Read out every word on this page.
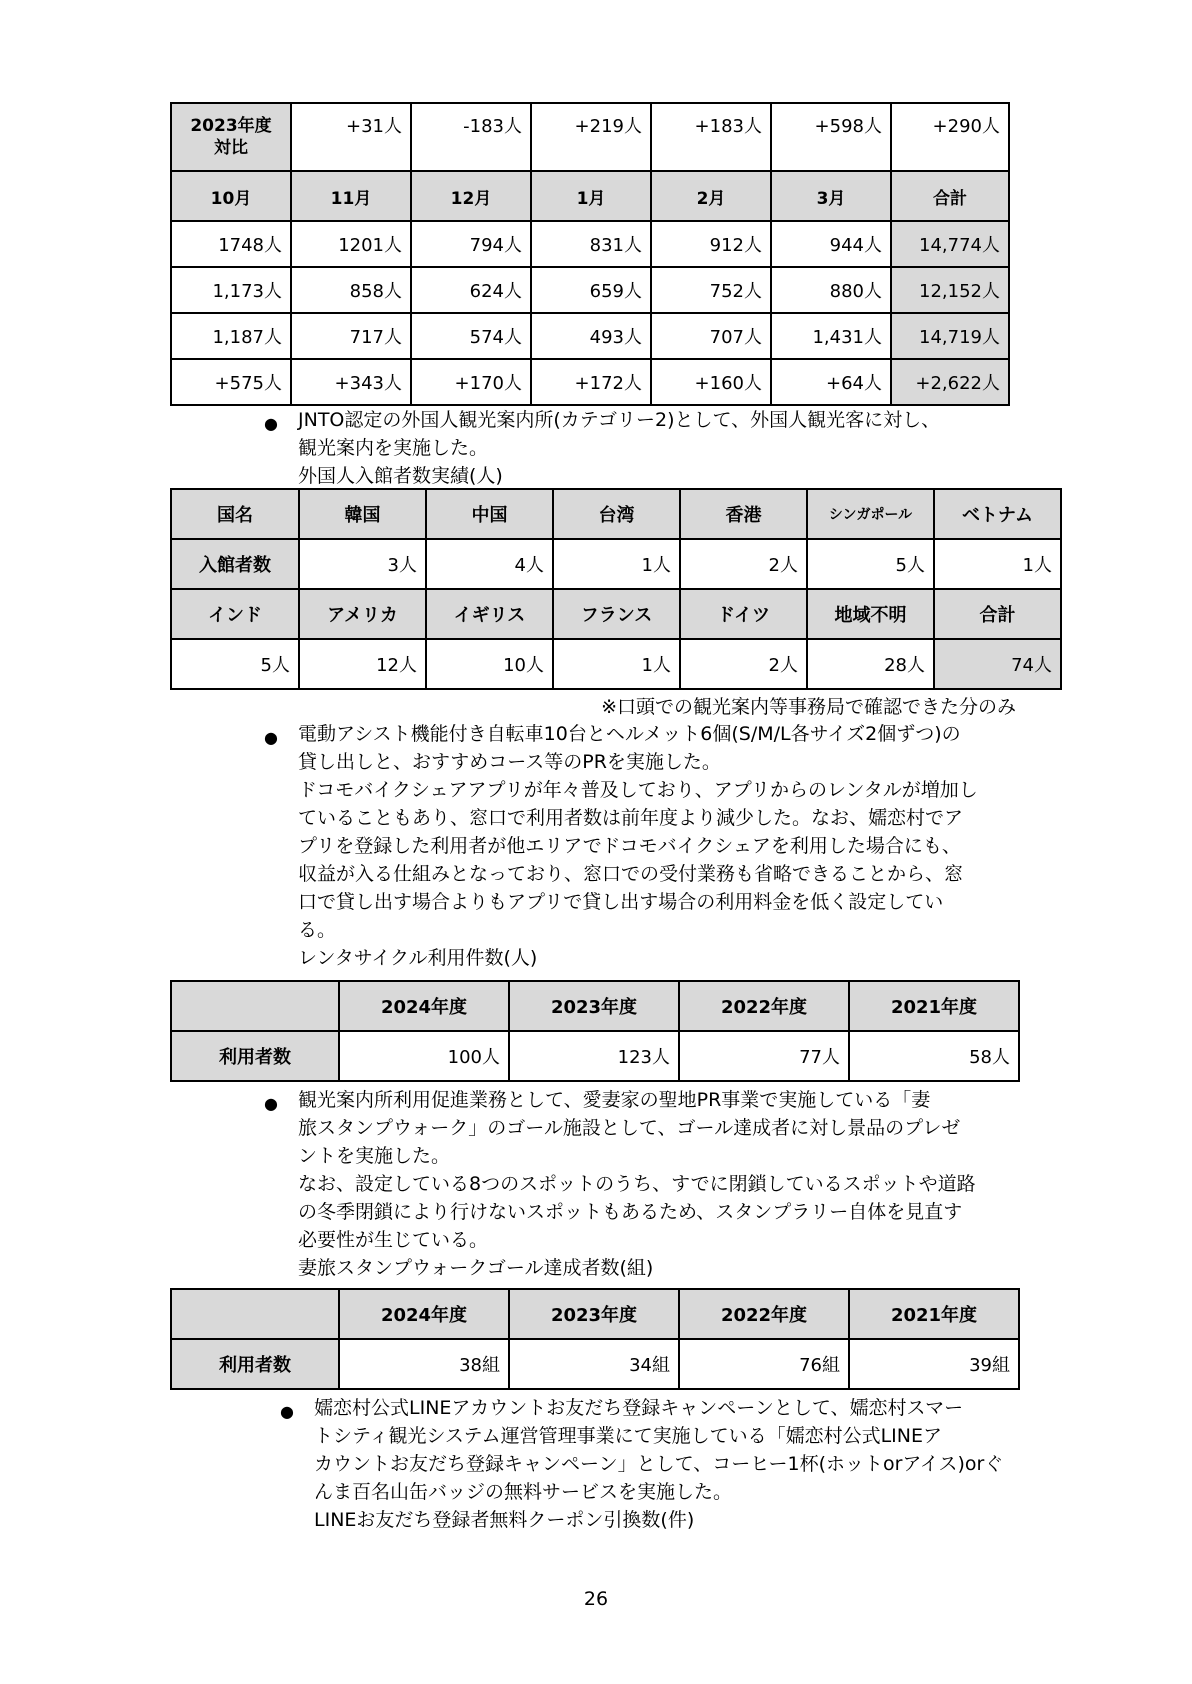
2023年度
対比	+31人	-183人	+219人	+183人	+598人	+290人
10月	11月	12月	1月	2月	3月	合計
1748人	1201人	794人	831人	912人	944人	14,774人
1,173人	858人	624人	659人	752人	880人	12,152人
1,187人	717人	574人	493人	707人	1,431人	14,719人
+575人	+343人	+170人	+172人	+160人	+64人	+2,622人
● JNTO認定の外国人観光案内所(カテゴリー2)として、外国人観光客に対し、
観光案内を実施した。
外国人入館者数実績(人)
国名	韓国	中国	台湾	香港	シンガポール	ベトナム
入館者数	3人	4人	1人	2人	5人	1人
インド	アメリカ	イギリス	フランス	ドイツ	地域不明	合計
5人	12人	10人	1人	2人	28人	74人
※口頭での観光案内等事務局で確認できた分のみ
● 電動アシスト機能付き自転車10台とヘルメット6個(S/M/L各サイズ2個ずつ)の
貸し出しと、おすすめコース等のPRを実施した。
ドコモバイクシェアアプリが年々普及しており、アプリからのレンタルが増加し
ていることもあり、窓口で利用者数は前年度より減少した。なお、嬬恋村でア
プリを登録した利用者が他エリアでドコモバイクシェアを利用した場合にも、
収益が入る仕組みとなっており、窓口での受付業務も省略できることから、窓
口で貸し出す場合よりもアプリで貸し出す場合の利用料金を低く設定してい
る。
レンタサイクル利用件数(人)
	2024年度	2023年度	2022年度	2021年度
利用者数	100人	123人	77人	58人
● 観光案内所利用促進業務として、愛妻家の聖地PR事業で実施している「妻
旅スタンプウォーク」のゴール施設として、ゴール達成者に対し景品のプレゼ
ントを実施した。
なお、設定している8つのスポットのうち、すでに閉鎖しているスポットや道路
の冬季閉鎖により行けないスポットもあるため、スタンプラリー自体を見直す
必要性が生じている。
妻旅スタンプウォークゴール達成者数(組)
	2024年度	2023年度	2022年度	2021年度
利用者数	38組	34組	76組	39組
● 嬬恋村公式LINEアカウントお友だち登録キャンペーンとして、嬬恋村スマー
トシティ観光システム運営管理事業にて実施している「嬬恋村公式LINEア
カウントお友だち登録キャンペーン」として、コーヒー1杯(ホットorアイス)orぐ
んま百名山缶バッジの無料サービスを実施した。
LINEお友だち登録者無料クーポン引換数(件)
26
